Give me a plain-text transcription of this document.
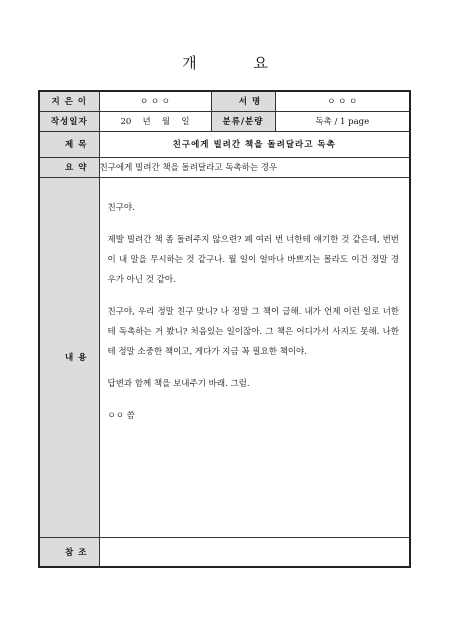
개 요
지 은 이	ㅇ ㅇ ㅇ	서 명	ㅇ ㅇ ㅇ
작성일자	20　 년　 월　 일	분류/분량	독촉 / 1 page
제 목	친구에게 빌려간 책을 돌려달라고 독촉		
요 약	친구에게 빌려간 책을 돌려달라고 독촉하는 경우		
내 용	친구야.

제발 빌려간 책 좀 돌려주지 않으련? 폐 여러 번 너한테 얘기한 것 같은데, 번번이 내 말을 무시하는 것 같구나. 뭘 일이 얼마나 바쁘지는 몰라도 이건 정말 경우가 아닌 것 같아.

친구야, 우리 정말 친구 맞니? 나 정말 그 책이 급해. 내가 언제 이런 일로 너한테 독촉하는 거 봤니? 처음있는 일이잖아. 그 책은 어디가서 사지도 못해. 나한테 정말 소중한 책이고, 게다가 지금 꼭 필요한 책이야.

답변과 함께 책을 보내주기 바래. 그럼.

ㅇㅇ 씀		

참 조			
